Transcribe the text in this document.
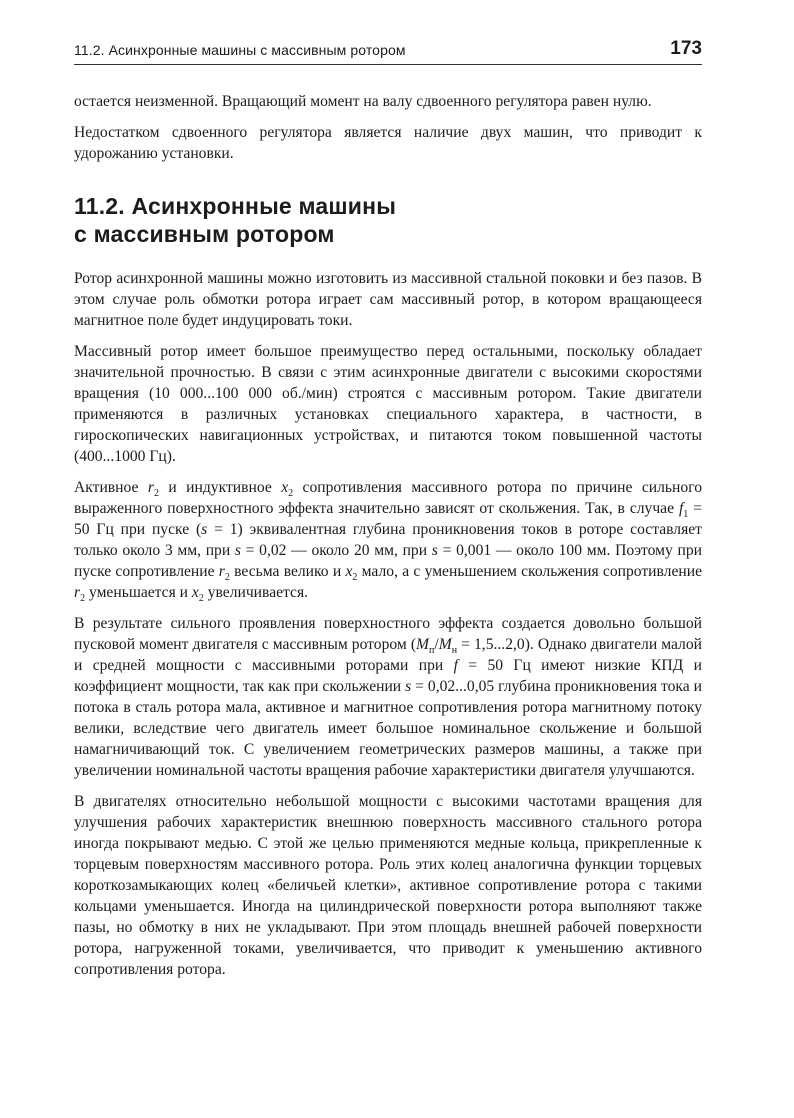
11.2. Асинхронные машины с массивным ротором	173

остается неизменной. Вращающий момент на валу сдвоенного регулятора равен нулю.

Недостатком сдвоенного регулятора является наличие двух машин, что приводит к удорожанию установки.

11.2. Асинхронные машины
с массивным ротором

Ротор асинхронной машины можно изготовить из массивной стальной поковки и без пазов. В этом случае роль обмотки ротора играет сам массивный ротор, в котором вращающееся магнитное поле будет индуцировать токи.

Массивный ротор имеет большое преимущество перед остальными, поскольку обладает значительной прочностью. В связи с этим асинхронные двигатели с высокими скоростями вращения (10 000...100 000 об./мин) строятся с массивным ротором. Такие двигатели применяются в различных установках специального характера, в частности, в гироскопических навигационных устройствах, и питаются током повышенной частоты (400...1000 Гц).

Активное $r_2$ и индуктивное $x_2$ сопротивления массивного ротора по причине сильного выраженного поверхностного эффекта значительно зависят от скольжения. Так, в случае $f_1 = 50$ Гц при пуске (s = 1) эквивалентная глубина проникновения токов в роторе составляет только около 3 мм, при s = 0,02 — около 20 мм, при s = 0,001 — около 100 мм. Поэтому при пуске сопротивление $r_2$ весьма велико и $x_2$ мало, а с уменьшением скольжения сопротивление $r_2$ уменьшается и $x_2$ увеличивается.

В результате сильного проявления поверхностного эффекта создается довольно большой пусковой момент двигателя с массивным ротором $(M_п/M_н = 1,5...2,0)$. Однако двигатели малой и средней мощности с массивными роторами при f = 50 Гц имеют низкие КПД и коэффициент мощности, так как при скольжении s = 0,02...0,05 глубина проникновения тока и потока в сталь ротора мала, активное и магнитное сопротивления ротора магнитному потоку велики, вследствие чего двигатель имеет большое номинальное скольжение и большой намагничивающий ток. С увеличением геометрических размеров машины, а также при увеличении номинальной частоты вращения рабочие характеристики двигателя улучшаются.

В двигателях относительно небольшой мощности с высокими частотами вращения для улучшения рабочих характеристик внешнюю поверхность массивного стального ротора иногда покрывают медью. С этой же целью применяются медные кольца, прикрепленные к торцевым поверхностям массивного ротора. Роль этих колец аналогична функции торцевых короткозамыкающих колец «беличьей клетки», активное сопротивление ротора с такими кольцами уменьшается. Иногда на цилиндрической поверхности ротора выполняют также пазы, но обмотку в них не укладывают. При этом площадь внешней рабочей поверхности ротора, нагруженной токами, увеличивается, что приводит к уменьшению активного сопротивления ротора.
